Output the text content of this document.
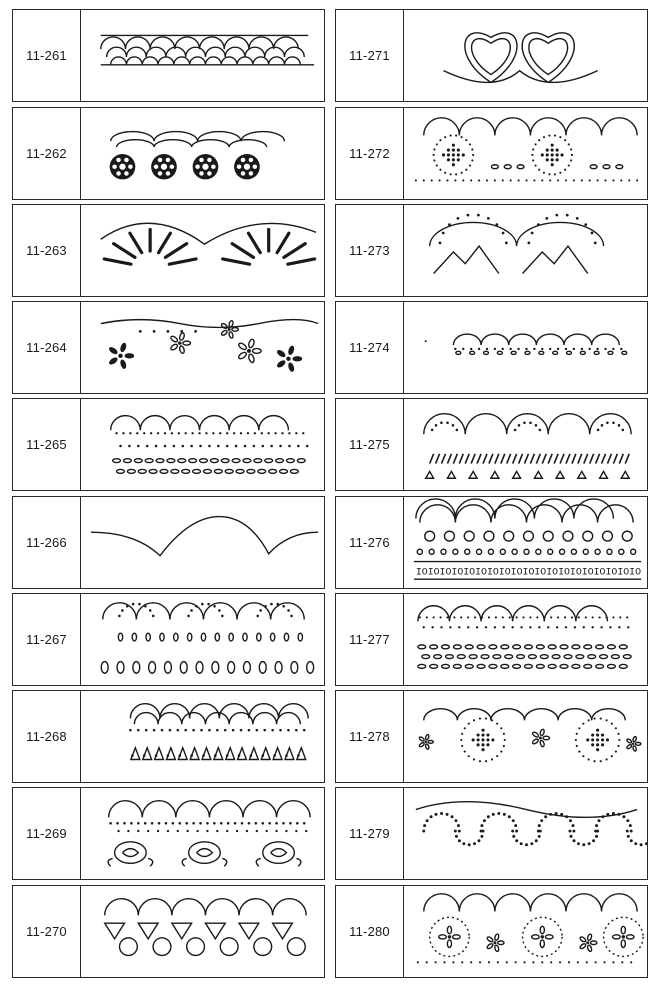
11-261
11-262
11-263
11-264
11-265
11-266
11-267
11-268
11-269
11-270
11-271
11-272
11-273
11-274
11-275
11-276
IOIOIOIOIOIOIOIOIOIOIOIOIOIOIOIOIOIOIO
11-277
11-278
11-279
11-280
